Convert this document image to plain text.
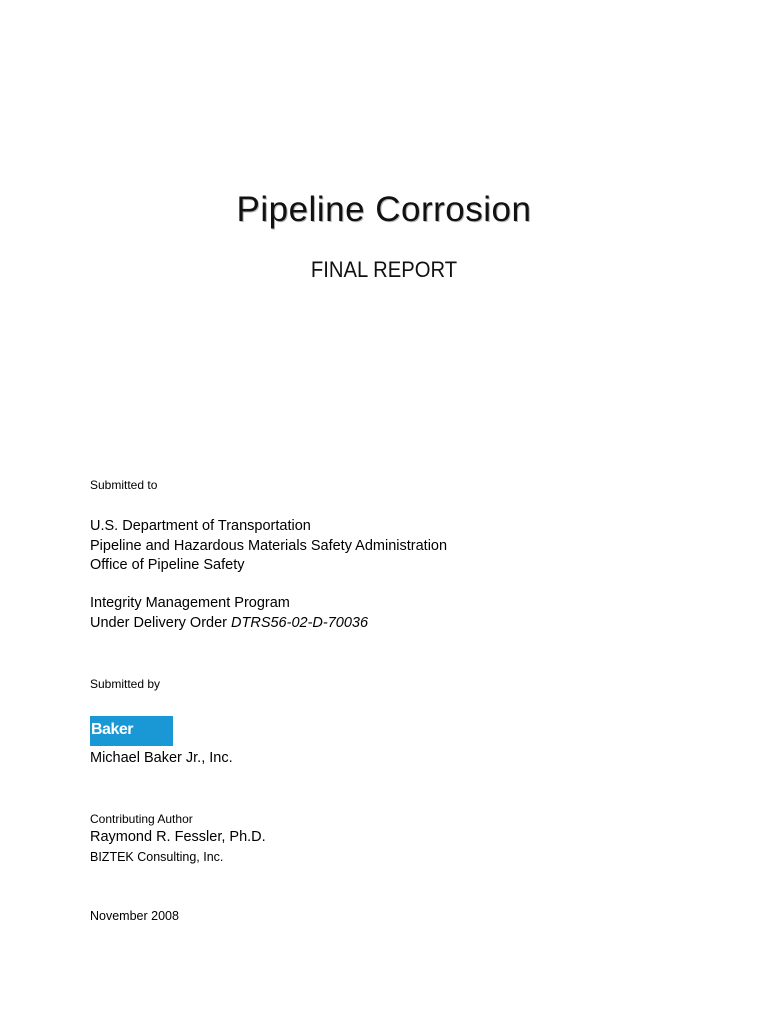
Pipeline Corrosion
FINAL REPORT
Submitted to
U.S. Department of Transportation
Pipeline and Hazardous Materials Safety Administration
Office of Pipeline Safety
Integrity Management Program
Under Delivery Order DTRS56-02-D-70036
Submitted by
Baker
Michael Baker Jr., Inc.
Contributing Author
Raymond R. Fessler, Ph.D.
BIZTEK Consulting, Inc.
November 2008
